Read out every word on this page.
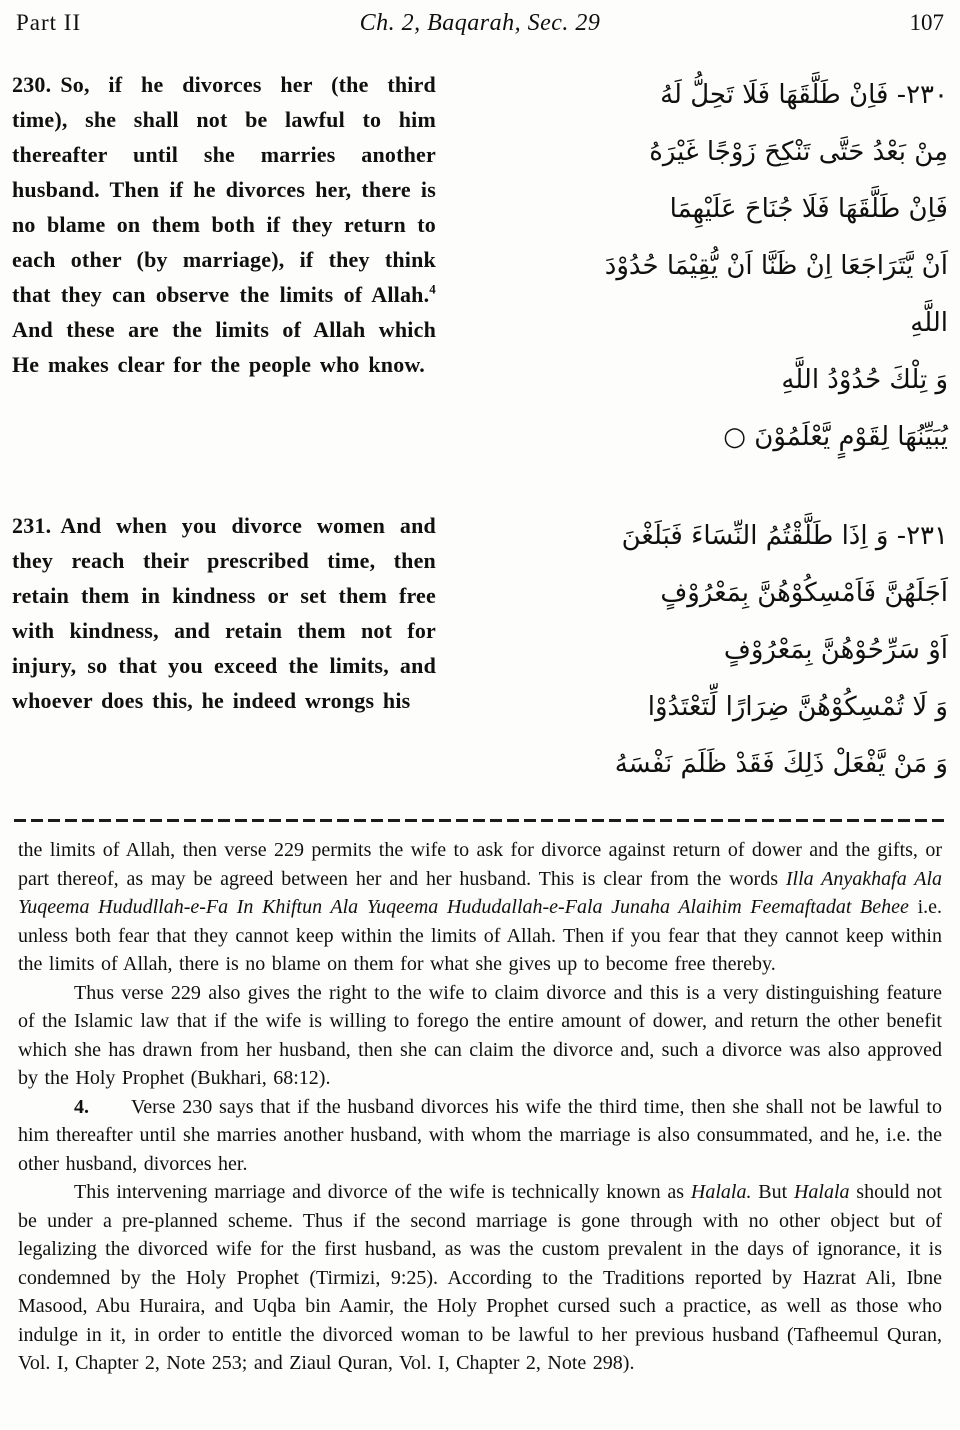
Part II	Ch. 2, Baqarah, Sec. 29	107
230. So, if he divorces her (the third time), she shall not be lawful to him thereafter until she marries another husband. Then if he divorces her, there is no blame on them both if they return to each other (by marriage), if they think that they can observe the limits of Allah.$^4$ And these are the limits of Allah which He makes clear for the people who know.
۲۳۰- فَاِنْ طَلَّقَهَا فَلَا تَحِلُّ لَهُ
مِنْ بَعْدُ حَتَّى تَنْكِحَ زَوْجًا غَيْرَهُ
فَاِنْ طَلَّقَهَا فَلَا جُنَاحَ عَلَيْهِمَا
اَنْ يَّتَرَاجَعَا اِنْ ظَنَّا اَنْ يُّقِيْمَا حُدُوْدَ
اللَّهِ
وَ تِلْكَ حُدُوْدُ اللَّهِ
يُبَيِّنُهَا لِقَوْمٍ يَّعْلَمُوْنَ ○
231. And when you divorce women and they reach their prescribed time, then retain them in kindness or set them free with kindness, and retain them not for injury, so that you exceed the limits, and whoever does this, he indeed wrongs his
۲۳۱- وَ اِذَا طَلَّقْتُمُ النِّسَاءَ فَبَلَغْنَ
اَجَلَهُنَّ فَاَمْسِكُوْهُنَّ بِمَعْرُوْفٍ
اَوْ سَرِّحُوْهُنَّ بِمَعْرُوْفٍ
وَ لَا تُمْسِكُوْهُنَّ ضِرَارًا لِّتَعْتَدُوْا
وَ مَنْ يَّفْعَلْ ذَلِكَ فَقَدْ ظَلَمَ نَفْسَهُ

the limits of Allah, then verse 229 permits the wife to ask for divorce against return of dower and the gifts, or part thereof, as may be agreed between her and her husband. This is clear from the words Illa Anyakhafa Ala Yuqeema Hududllah-e-Fa In Khiftun Ala Yuqeema Hududallah-e-Fala Junaha Alaihim Feemaftadat Behee i.e. unless both fear that they cannot keep within the limits of Allah. Then if you fear that they cannot keep within the limits of Allah, there is no blame on them for what she gives up to become free thereby.

Thus verse 229 also gives the right to the wife to claim divorce and this is a very distinguishing feature of the Islamic law that if the wife is willing to forego the entire amount of dower, and return the other benefit which she has drawn from her husband, then she can claim the divorce and, such a divorce was also approved by the Holy Prophet (Bukhari, 68:12).

4. Verse 230 says that if the husband divorces his wife the third time, then she shall not be lawful to him thereafter until she marries another husband, with whom the marriage is also consummated, and he, i.e. the other husband, divorces her.

This intervening marriage and divorce of the wife is technically known as Halala. But Halala should not be under a pre-planned scheme. Thus if the second marriage is gone through with no other object but of legalizing the divorced wife for the first husband, as was the custom prevalent in the days of ignorance, it is condemned by the Holy Prophet (Tirmizi, 9:25). According to the Traditions reported by Hazrat Ali, Ibne Masood, Abu Huraira, and Uqba bin Aamir, the Holy Prophet cursed such a practice, as well as those who indulge in it, in order to entitle the divorced woman to be lawful to her previous husband (Tafheemul Quran, Vol. I, Chapter 2, Note 253; and Ziaul Quran, Vol. I, Chapter 2, Note 298).
